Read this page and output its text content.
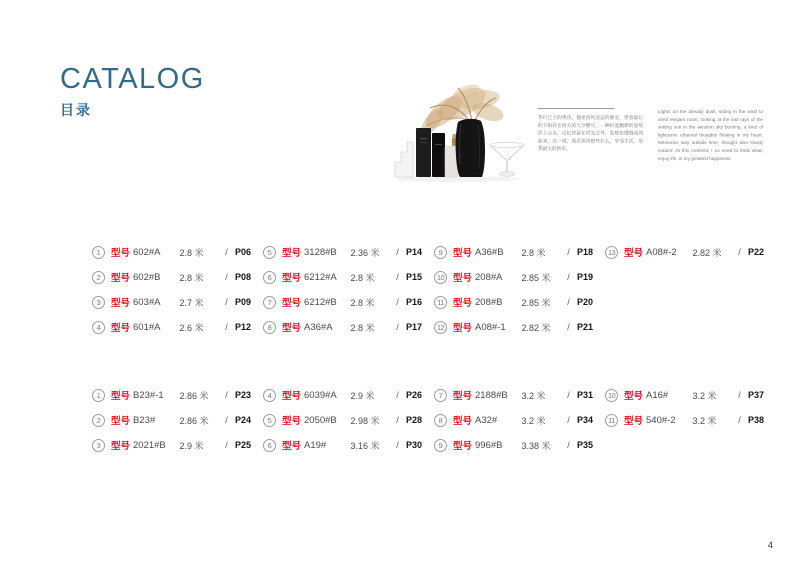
CATALOG
目录	华灯已上的黄昏，独坐清风送远的雅室，望着最后的夕阳挂在西方的天空燃尽，一种轻盈飘渺的思绪浮上心头。记忆停留在时光之外，思想也慢慢成熟起来。这一刻，我无需再想些什么，享受生活，是我最大的快乐。

Lights on the already dusk, sitting in the wind to send elegant room, looking at the last rays of the setting sun in the western sky burning, a kind of lightsome ethereal thoughts floating in my heart. Memories stay outside time, thought also slowly mature. At this moment, I no need to think what, enjoy life, is my greatest happiness.

1	型号 602#A	2.8 米	/ P06
2	型号 602#B	2.8 米	/ P08
3	型号 603#A	2.7 米	/ P09
4	型号 601#A	2.6 米	/ P12
5	型号 3128#B	2.36 米	/ P14
6	型号 6212#A	2.8 米	/ P15
7	型号 6212#B	2.8 米	/ P16
8	型号 A36#A	2.8 米	/ P17
9	型号 A36#B	2.8 米	/ P18
10 型号 208#A	2.85 米	/ P19
11 型号 208#B	2.85 米	/ P20
12 型号 A08#-1	2.82 米	/ P21
13 型号 A08#-2	2.82 米	/ P22
1	型号 B23#-1	2.86 米	/ P23
2	型号 B23#	2.86 米	/ P24
3	型号 2021#B	2.9 米	/ P25
4	型号 6039#A	2.9 米	/ P26
5	型号 2050#B	2.98 米	/ P28
6	型号 A19#	3.16 米	/ P30
7	型号 2188#B	3.2 米	/ P31
8	型号 A32#	3.2 米	/ P34
9	型号 996#B	3.38 米	/ P35
10 型号 A16#	3.2 米	/ P37
11 型号 540#-2	3.2 米	/ P38
4
